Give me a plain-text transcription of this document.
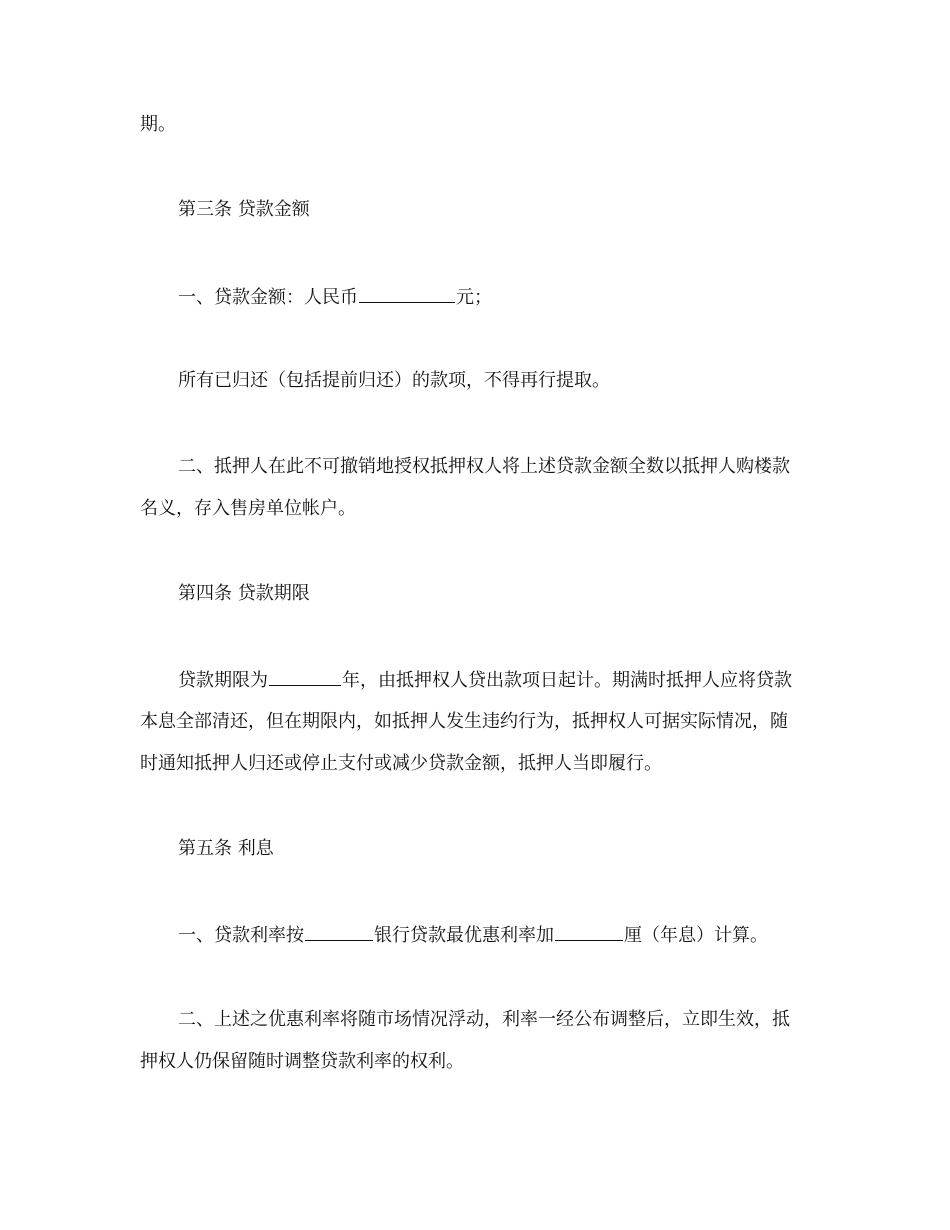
期。
第三条 贷款金额
一、贷款金额：人民币	元；
所有已归还（包括提前归还）的款项，不得再行提取。
二、抵押人在此不可撤销地授权抵押权人将上述贷款金额全数以抵押人购楼款
名义，存入售房单位帐户。
第四条 贷款期限
贷款期限为	年，由抵押权人贷出款项日起计。期满时抵押人应将贷款
本息全部清还，但在期限内，如抵押人发生违约行为，抵押权人可据实际情况，随
时通知抵押人归还或停止支付或减少贷款金额，抵押人当即履行。
第五条 利息
一、贷款利率按	银行贷款最优惠利率加	厘（年息）计算。
二、上述之优惠利率将随市场情况浮动，利率一经公布调整后，立即生效，抵
押权人仍保留随时调整贷款利率的权利。
